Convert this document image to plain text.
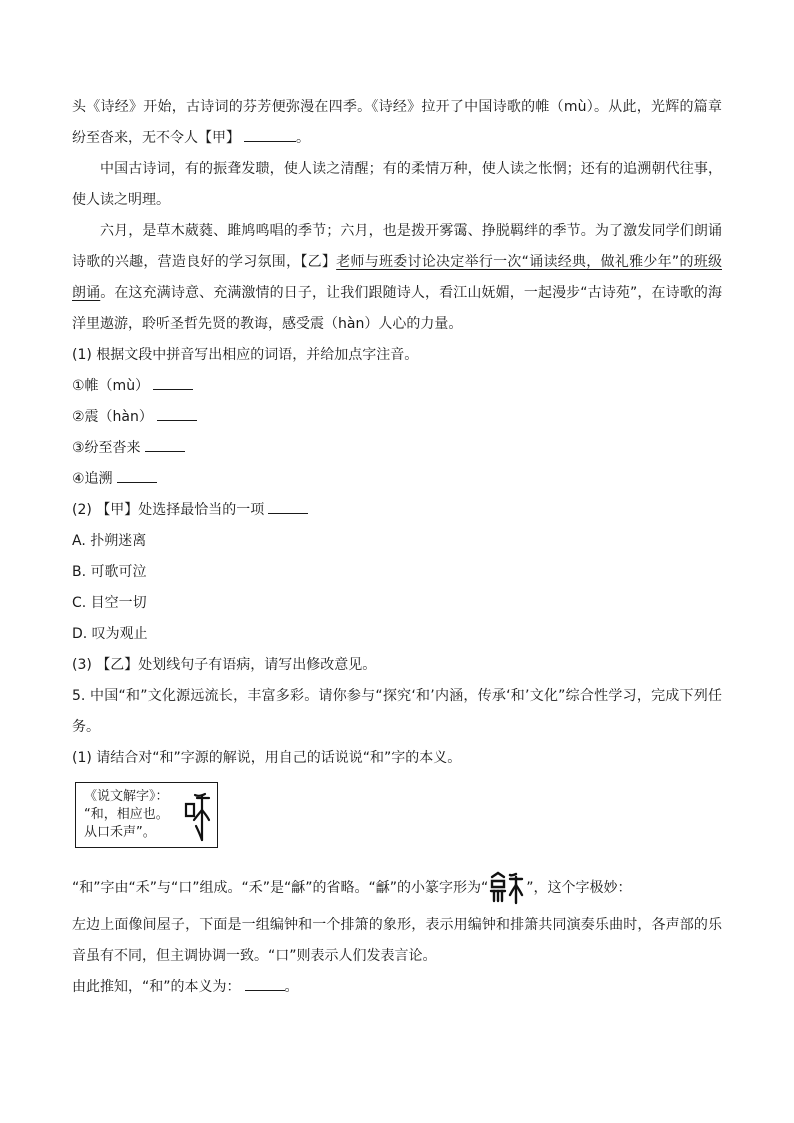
头《诗经》开始，古诗词的芬芳便弥漫在四季。《诗经》拉开了中国诗歌的帷（mù）。从此，光辉的篇章纷至沓来，无不令人【甲】	。

中国古诗词，有的振聋发聩，使人读之清醒；有的柔情万种，使人读之怅惘；还有的追溯朝代往事，使人读之明理。

六月，是草木葳蕤、雎鸠鸣唱的季节；六月，也是拨开雾霭、挣脱羁绊的季节。为了激发同学们朗诵诗歌的兴趣，营造良好的学习氛围，【乙】老师与班委讨论决定举行一次“诵读经典，做礼雅少年”的班级朗诵。在这充满诗意、充满激情的日子，让我们跟随诗人，看江山妩媚，一起漫步“古诗苑”，在诗歌的海洋里遨游，聆听圣哲先贤的教诲，感受震（hàn）人心的力量。

(1) 根据文段中拼音写出相应的词语，并给加点字注音。

①帷（mù）

②震（hàn）

③纷至沓来

④追溯

(2) 【甲】处选择最恰当的一项

A. 扑朔迷离

B. 可歌可泣

C. 目空一切

D. 叹为观止

(3) 【乙】处划线句子有语病，请写出修改意见。

5. 中国“和”文化源远流长，丰富多彩。请你参与“探究‘和’内涵，传承‘和’文化”综合性学习，完成下列任务。

(1) 请结合对“和”字源的解说，用自己的话说说“和”字的本义。

《说文解字》：
“和，相应也。
从口禾声”。

“和”字由“禾”与“口”组成。“禾”是“龢”的省略。“龢”的小篆字形为“	”，这个字极妙：

左边上面像间屋子，下面是一组编钟和一个排箫的象形，表示用编钟和排箫共同演奏乐曲时，各声部的乐音虽有不同，但主调协调一致。“口”则表示人们发表言论。

由此推知，“和”的本义为：	。
